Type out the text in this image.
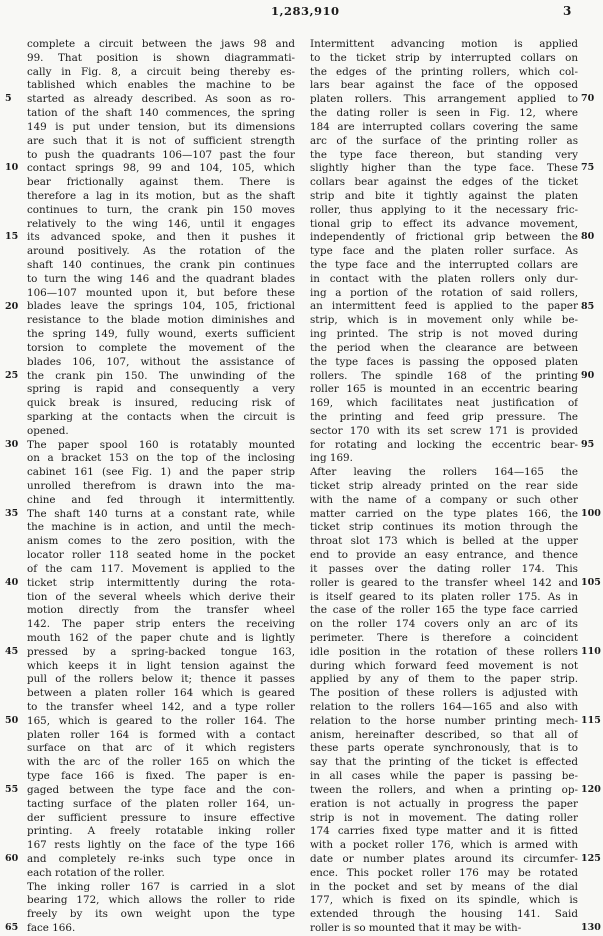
1,283,910	3

complete a circuit between the jaws 98 and

99. That position is shown diagrammati-

cally in Fig. 8, a circuit being thereby es-

tablished which enables the machine to be

started as already described. As soon as ro-

tation of the shaft 140 commences, the spring

149 is put under tension, but its dimensions

are such that it is not of sufficient strength

to push the quadrants 106—107 past the four

contact springs 98, 99 and 104, 105, which

bear frictionally against them. There is

therefore a lag in its motion, but as the shaft

continues to turn, the crank pin 150 moves

relatively to the wing 146, until it engages

its advanced spoke, and then it pushes it

around positively. As the rotation of the

shaft 140 continues, the crank pin continues

to turn the wing 146 and the quadrant blades

106—107 mounted upon it, but before these

blades leave the springs 104, 105, frictional

resistance to the blade motion diminishes and

the spring 149, fully wound, exerts sufficient

torsion to complete the movement of the

blades 106, 107, without the assistance of

the crank pin 150. The unwinding of the

spring is rapid and consequently a very

quick break is insured, reducing risk of

sparking at the contacts when the circuit is

opened.

The paper spool 160 is rotatably mounted

on a bracket 153 on the top of the inclosing

cabinet 161 (see Fig. 1) and the paper strip

unrolled therefrom is drawn into the ma-

chine and fed through it intermittently.

The shaft 140 turns at a constant rate, while

the machine is in action, and until the mech-

anism comes to the zero position, with the

locator roller 118 seated home in the pocket

of the cam 117. Movement is applied to the

ticket strip intermittently during the rota-

tion of the several wheels which derive their

motion directly from the transfer wheel

142. The paper strip enters the receiving

mouth 162 of the paper chute and is lightly

pressed by a spring-backed tongue 163,

which keeps it in light tension against the

pull of the rollers below it; thence it passes

between a platen roller 164 which is geared

to the transfer wheel 142, and a type roller

165, which is geared to the roller 164. The

platen roller 164 is formed with a contact

surface on that arc of it which registers

with the arc of the roller 165 on which the

type face 166 is fixed. The paper is en-

gaged between the type face and the con-

tacting surface of the platen roller 164, un-

der sufficient pressure to insure effective

printing. A freely rotatable inking roller

167 rests lightly on the face of the type 166

and completely re-inks such type once in

each rotation of the roller.

The inking roller 167 is carried in a slot

bearing 172, which allows the roller to ride

freely by its own weight upon the type

face 166.

Intermittent advancing motion is applied

to the ticket strip by interrupted collars on

the edges of the printing rollers, which col-

lars bear against the face of the opposed

platen rollers. This arrangement applied to

the dating roller is seen in Fig. 12, where

184 are interrupted collars covering the same

arc of the surface of the printing roller as

the type face thereon, but standing very

slightly higher than the type face. These

collars bear against the edges of the ticket

strip and bite it tightly against the platen

roller, thus applying to it the necessary fric-

tional grip to effect its advance movement,

independently of frictional grip between the

type face and the platen roller surface. As

the type face and the interrupted collars are

in contact with the platen rollers only dur-

ing a portion of the rotation of said rollers,

an intermittent feed is applied to the paper

strip, which is in movement only while be-

ing printed. The strip is not moved during

the period when the clearance are between

the type faces is passing the opposed platen

rollers. The spindle 168 of the printing

roller 165 is mounted in an eccentric bearing

169, which facilitates neat justification of

the printing and feed grip pressure. The

sector 170 with its set screw 171 is provided

for rotating and locking the eccentric bear-

ing 169.

After leaving the rollers 164—165 the

ticket strip already printed on the rear side

with the name of a company or such other

matter carried on the type plates 166, the

ticket strip continues its motion through the

throat slot 173 which is belled at the upper

end to provide an easy entrance, and thence

it passes over the dating roller 174. This

roller is geared to the transfer wheel 142 and

is itself geared to its platen roller 175. As in

the case of the roller 165 the type face carried

on the roller 174 covers only an arc of its

perimeter. There is therefore a coincident

idle position in the rotation of these rollers

during which forward feed movement is not

applied by any of them to the paper strip.

The position of these rollers is adjusted with

relation to the rollers 164—165 and also with

relation to the horse number printing mech-

anism, hereinafter described, so that all of

these parts operate synchronously, that is to

say that the printing of the ticket is effected

in all cases while the paper is passing be-

tween the rollers, and when a printing op-

eration is not actually in progress the paper

strip is not in movement. The dating roller

174 carries fixed type matter and it is fitted

with a pocket roller 176, which is armed with

date or number plates around its circumfer-

ence. This pocket roller 176 may be rotated

in the pocket and set by means of the dial

177, which is fixed on its spindle, which is

extended through the housing 141. Said

roller is so mounted that it may be with-

5
10
15
20
25
30
35
40
45
50
55
60
65
70
75
80
85
90
95
100
105
110
115
120
125
130
